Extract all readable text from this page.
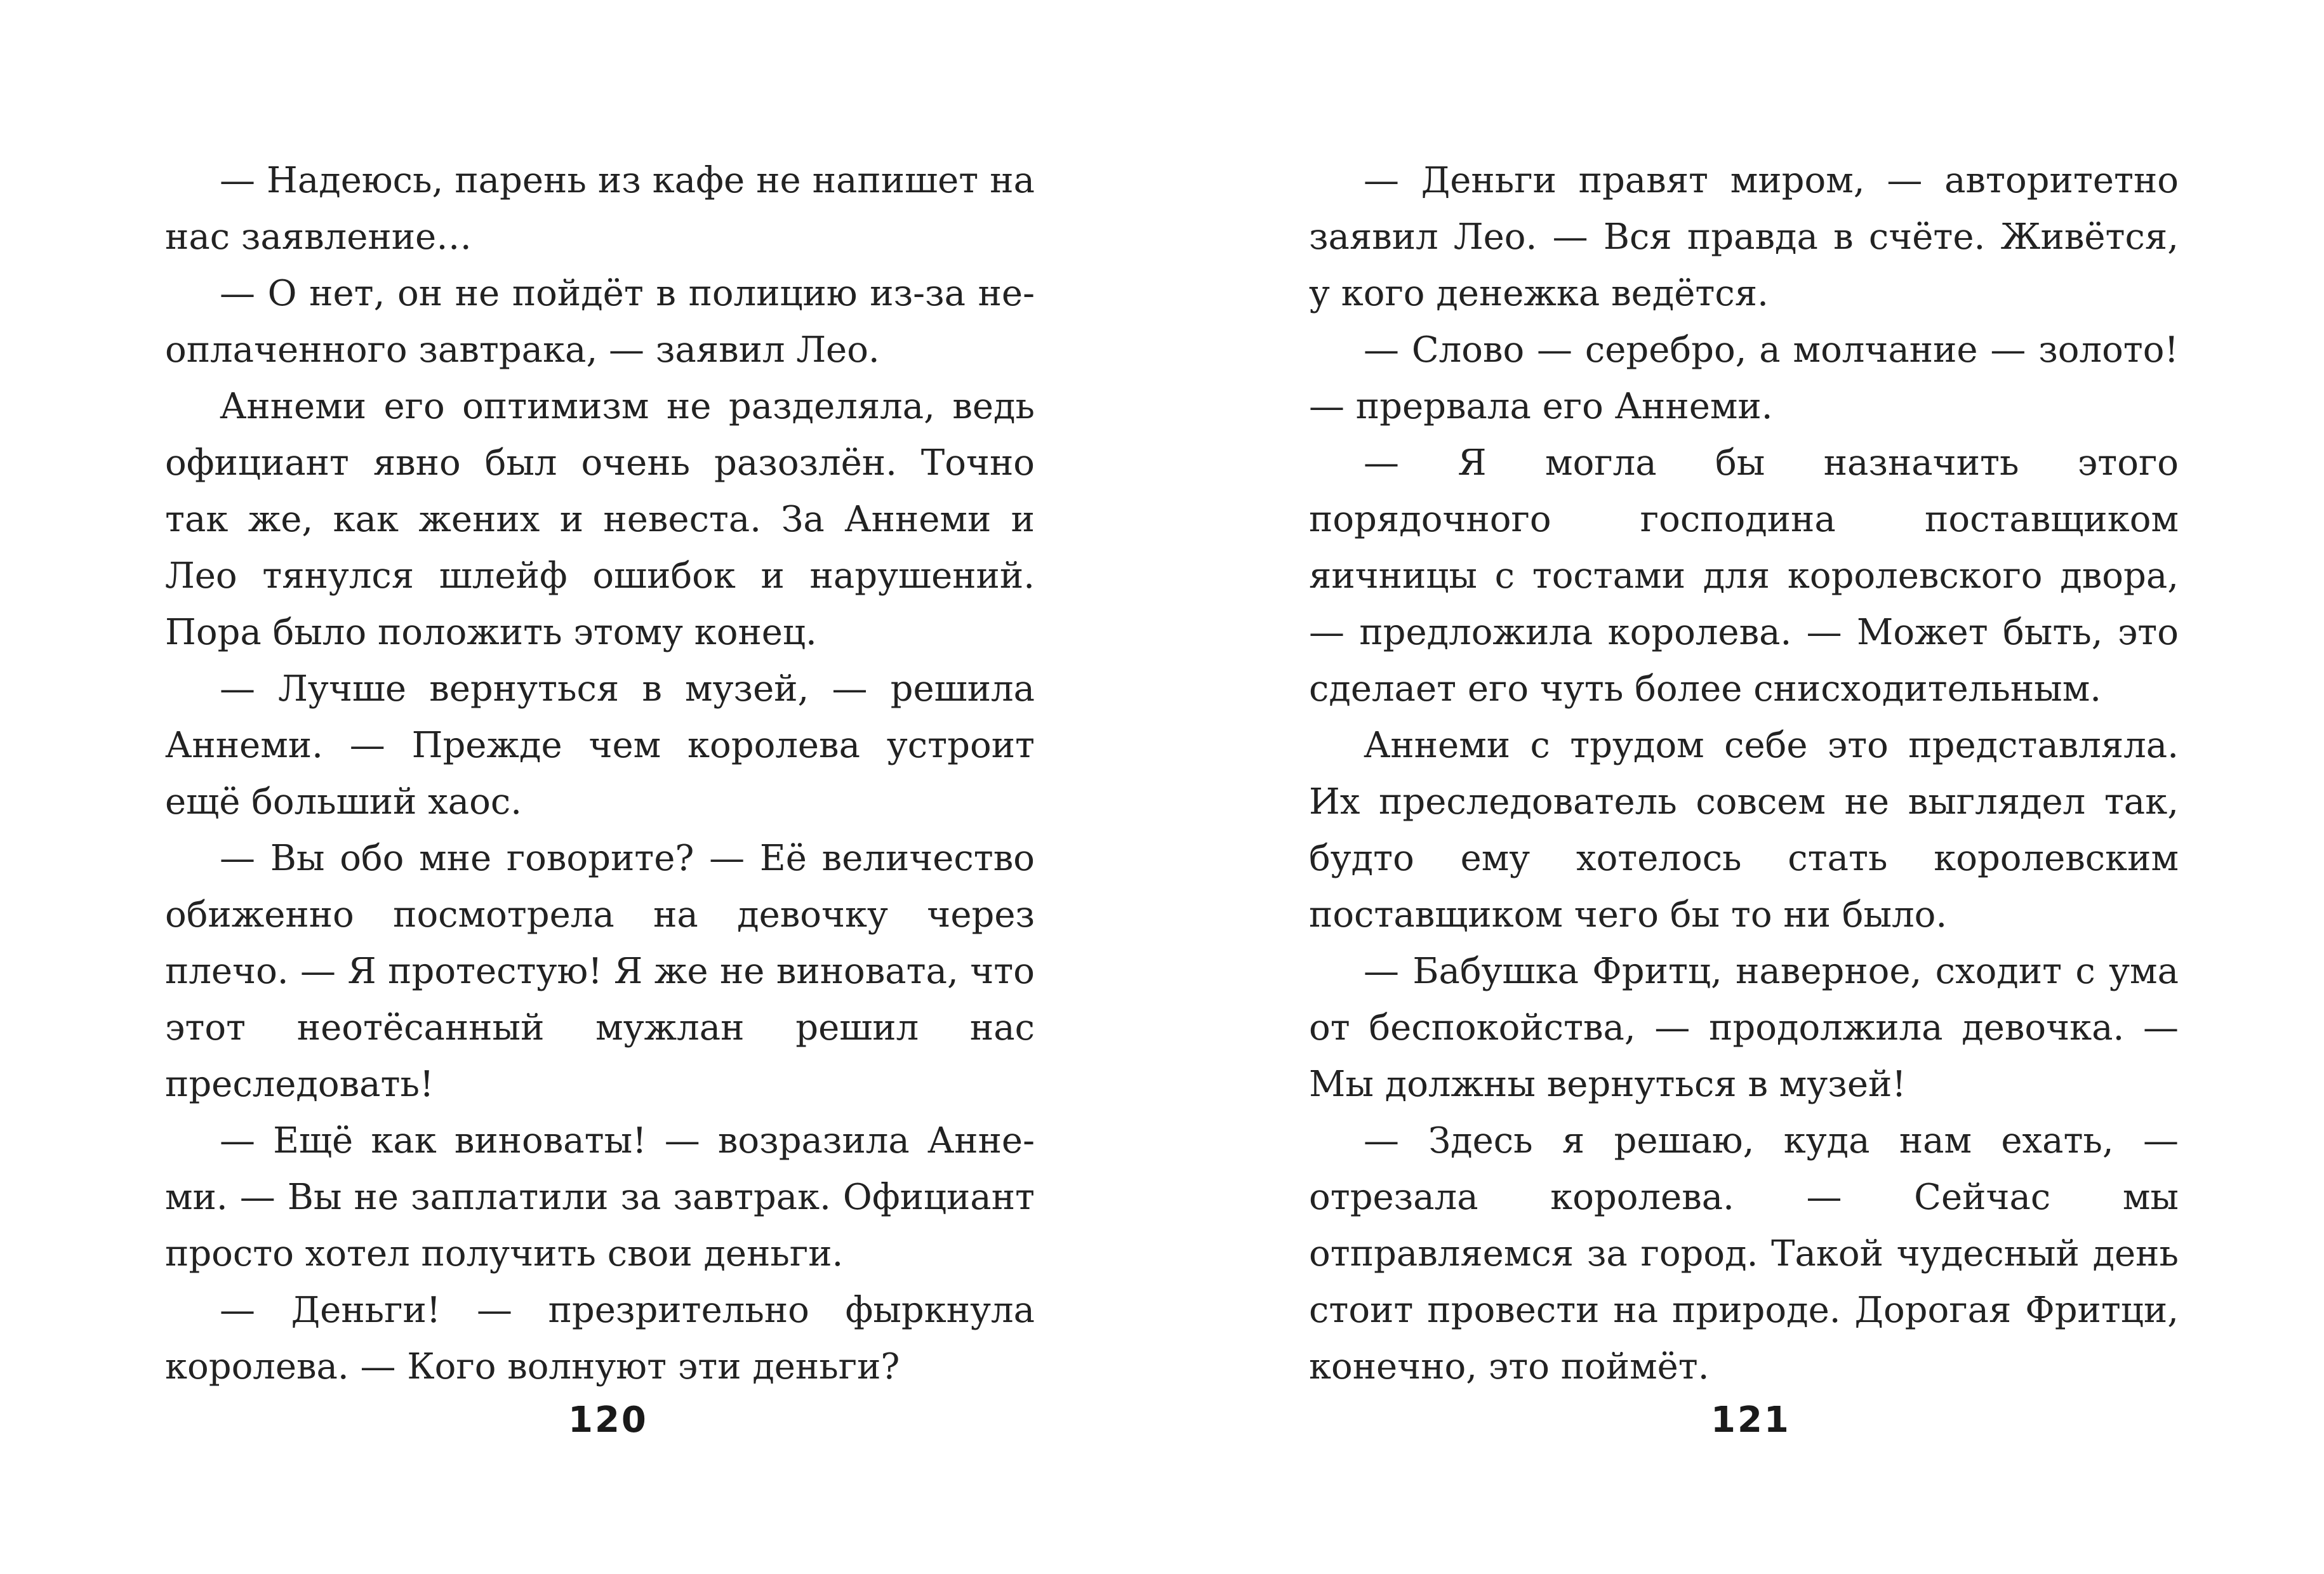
— Надеюсь, парень из кафе не напишет на нас заявление…

— О нет, он не пойдёт в полицию из-за неоплаченного завтрака, — заявил Лео.

Аннеми его оптимизм не разделяла, ведь официант явно был очень разозлён. Точно так же, как жених и невеста. За Аннеми и Лео тянулся шлейф ошибок и нарушений. Пора было положить этому конец.

— Лучше вернуться в музей, — решила Аннеми. — Прежде чем королева устроит ещё больший хаос.

— Вы обо мне говорите? — Её величество обиженно посмотрела на девочку через плечо. — Я протестую! Я же не виновата, что этот неотёсанный мужлан решил нас преследовать!

— Ещё как виноваты! — возразила Аннеми. — Вы не заплатили за завтрак. Официант просто хотел получить свои деньги.

— Деньги! — презрительно фыркнула королева. — Кого волнуют эти деньги?

120

— Деньги правят миром, — авторитетно заявил Лео. — Вся правда в счёте. Живётся, у кого денежка ведётся.

— Слово — серебро, а молчание — золото! — прервала его Аннеми.

— Я могла бы назначить этого порядочного господина поставщиком яичницы с тостами для королевского двора, — предложила королева. — Может быть, это сделает его чуть более снисходительным.

Аннеми с трудом себе это представляла. Их преследователь совсем не выглядел так, будто ему хотелось стать королевским поставщиком чего бы то ни было.

— Бабушка Фритц, наверное, сходит с ума от беспокойства, — продолжила девочка. — Мы должны вернуться в музей!

— Здесь я решаю, куда нам ехать, — отрезала королева. — Сейчас мы отправляемся за город. Такой чудесный день стоит провести на природе. Дорогая Фритци, конечно, это поймёт.

121
